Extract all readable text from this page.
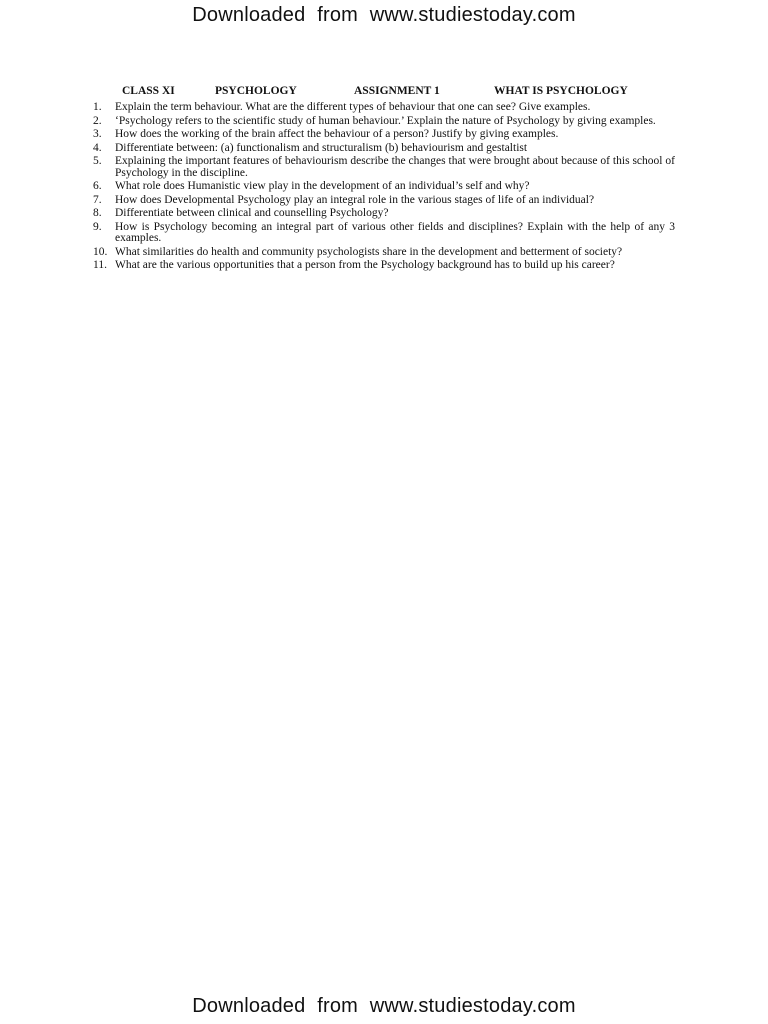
Downloaded from www.studiestoday.com
CLASS XI	PSYCHOLOGY	ASSIGNMENT 1	WHAT IS PSYCHOLOGY
1.	Explain the term behaviour. What are the different types of behaviour that one can see? Give examples.
2.	‘Psychology refers to the scientific study of human behaviour.’ Explain the nature of Psychology by giving examples.
3.	How does the working of the brain affect the behaviour of a person? Justify by giving examples.
4.	Differentiate between: (a) functionalism and structuralism (b) behaviourism and gestaltist
5.	Explaining the important features of behaviourism describe the changes that were brought about because of this school of Psychology in the discipline.
6.	What role does Humanistic view play in the development of an individual’s self and why?
7.	How does Developmental Psychology play an integral role in the various stages of life of an individual?
8.	Differentiate between clinical and counselling Psychology?
9.	How is Psychology becoming an integral part of various other fields and disciplines? Explain with the help of any 3 examples.
10. What similarities do health and community psychologists share in the development and betterment of society?
11. What are the various opportunities that a person from the Psychology background has to build up his career?
Downloaded from www.studiestoday.com
